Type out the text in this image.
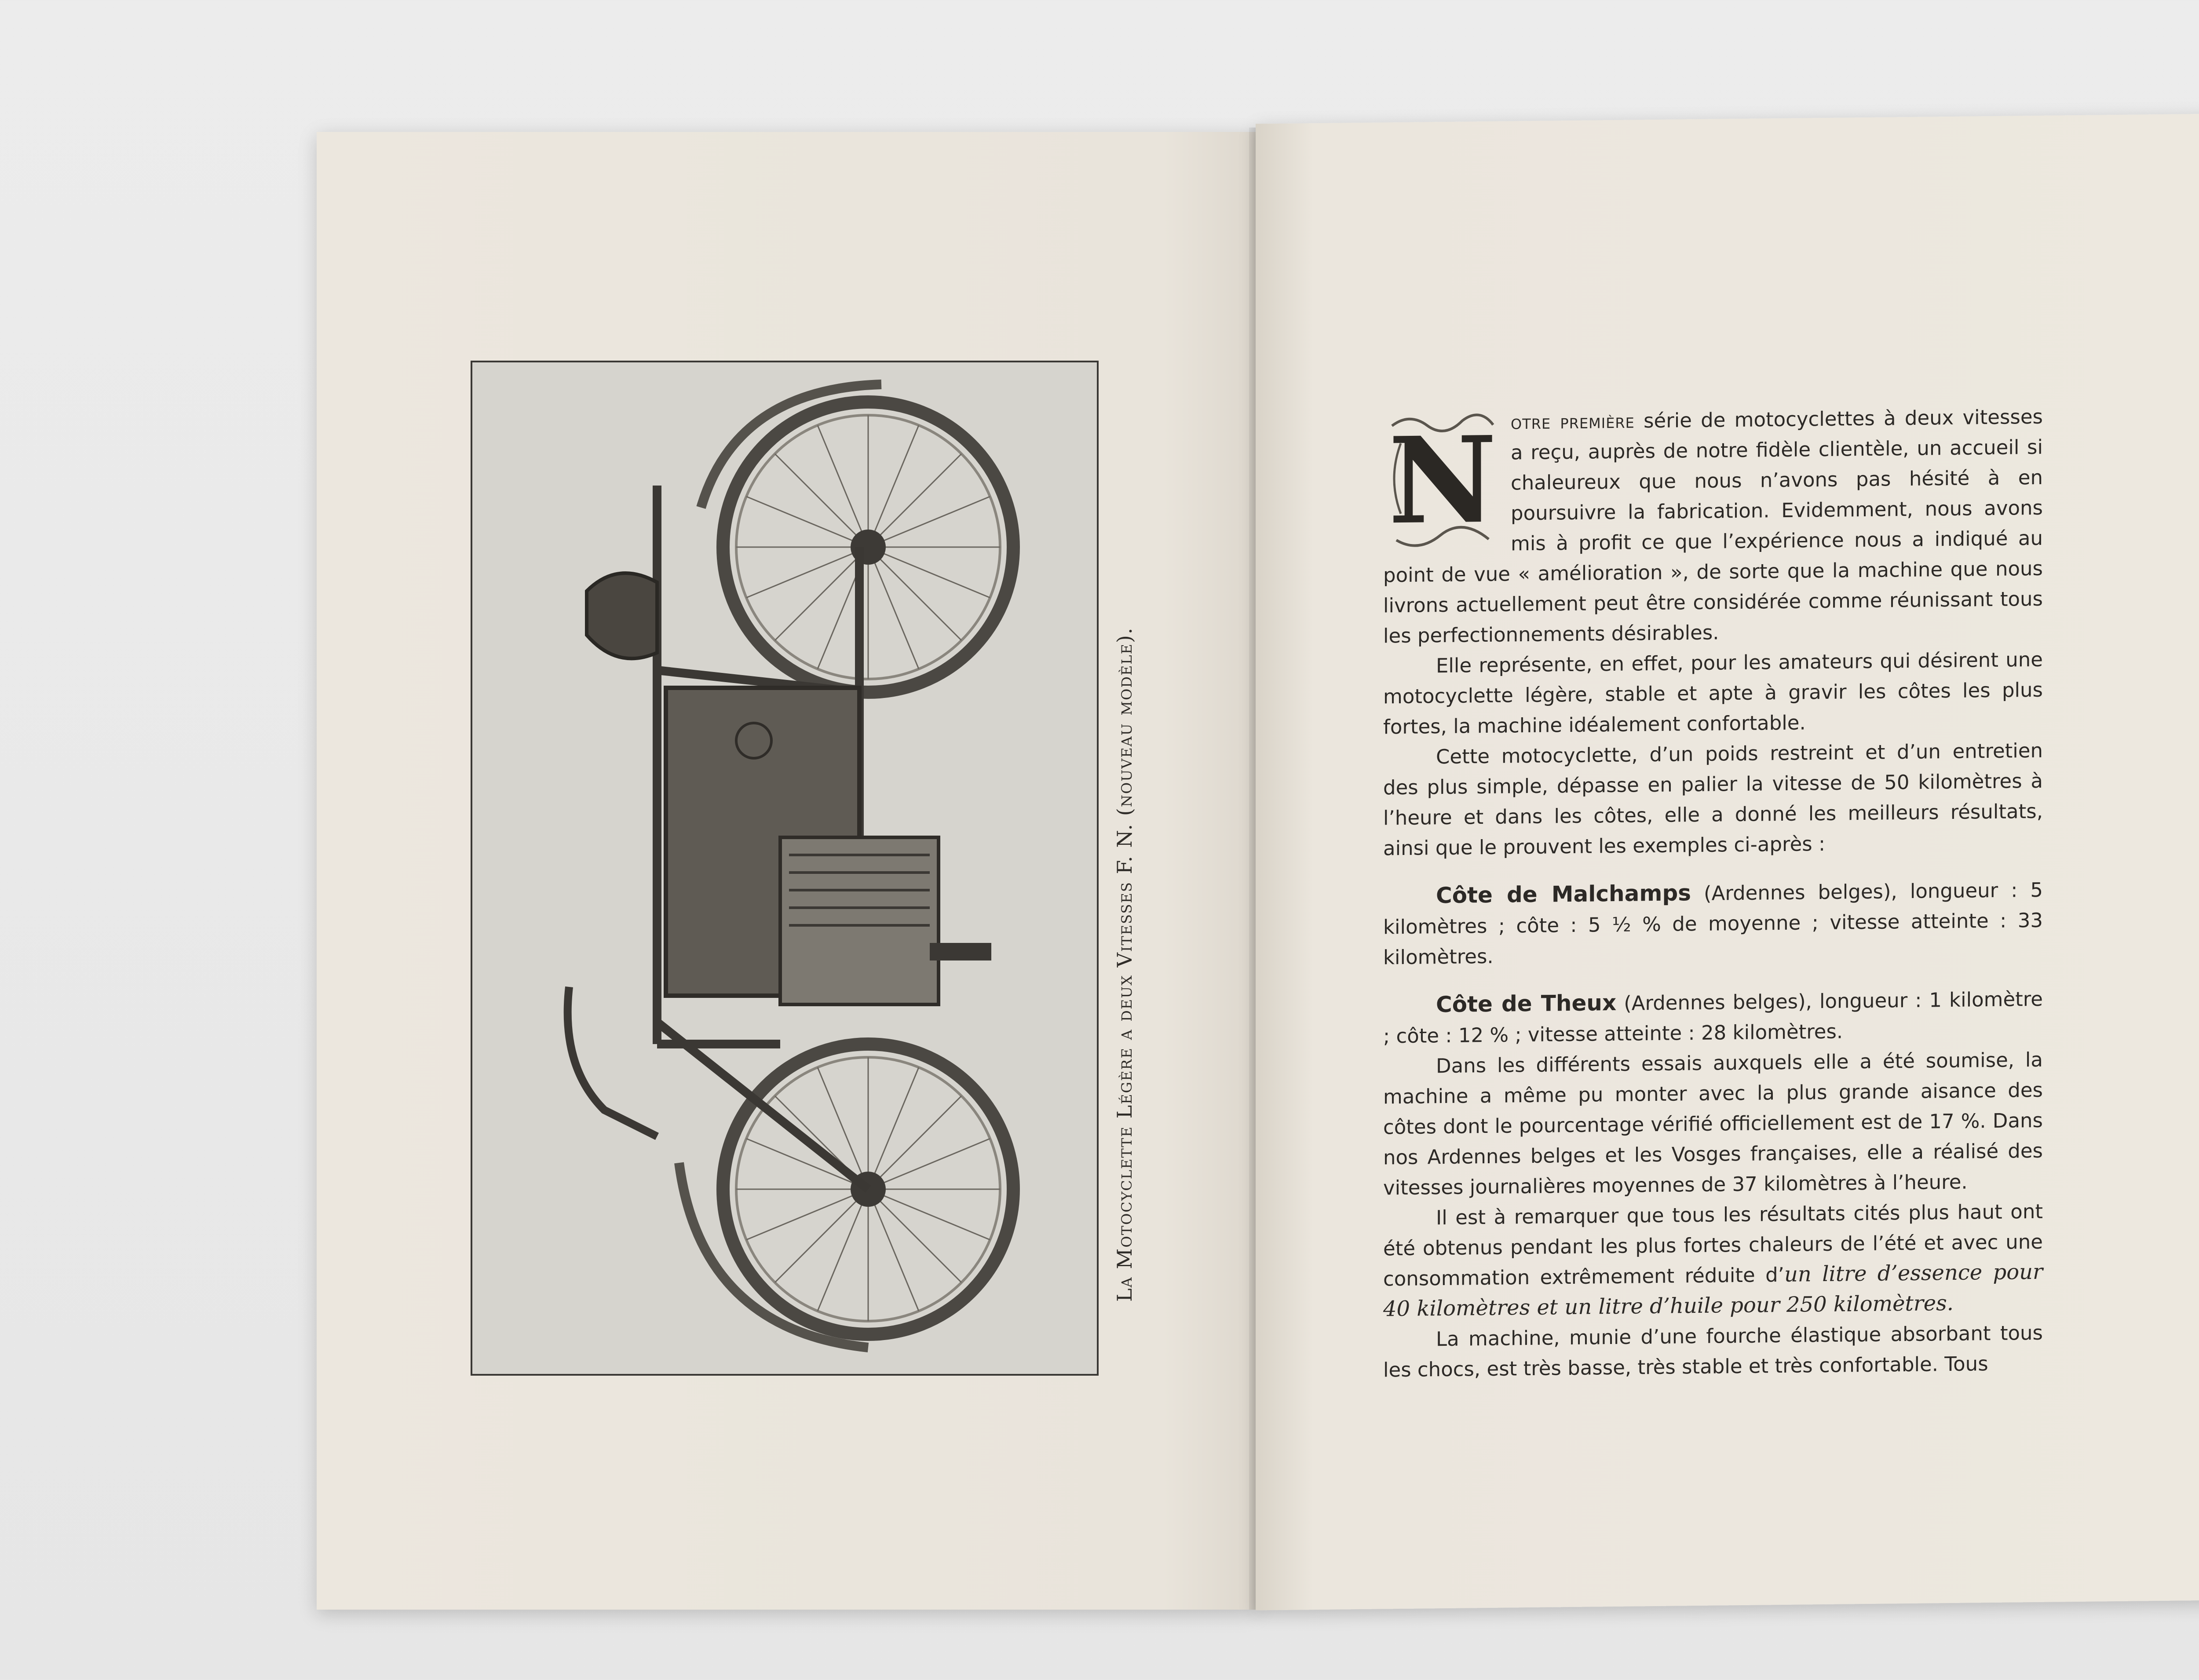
La Motocyclette Légère a deux Vitesses F. N. (nouveau modèle).
N otre première série de motocyclettes à deux vitesses a reçu, auprès de notre fidèle clientèle, un accueil si chaleureux que nous n’avons pas hésité à en poursuivre la fabrication. Evidemment, nous avons mis à profit ce que l’expérience nous a indiqué au point de vue « amélioration », de sorte que la machine que nous livrons actuellement peut être considérée comme réunissant tous les perfectionnements désirables.

Elle représente, en effet, pour les amateurs qui désirent une motocyclette légère, stable et apte à gravir les côtes les plus fortes, la machine idéalement confortable.

Cette motocyclette, d’un poids restreint et d’un entretien des plus simple, dépasse en palier la vitesse de 50 kilomètres à l’heure et dans les côtes, elle a donné les meilleurs résultats, ainsi que le prouvent les exemples ci-après :

Côte de Malchamps (Ardennes belges), longueur : 5 kilomètres ; côte : 5 ½ % de moyenne ; vitesse atteinte : 33 kilomètres.

Côte de Theux (Ardennes belges), longueur : 1 kilomètre ; côte : 12 % ; vitesse atteinte : 28 kilomètres.

Dans les différents essais auxquels elle a été soumise, la machine a même pu monter avec la plus grande aisance des côtes dont le pourcentage vérifié officiellement est de 17 %. Dans nos Ardennes belges et les Vosges françaises, elle a réalisé des vitesses journalières moyennes de 37 kilomètres à l’heure.

Il est à remarquer que tous les résultats cités plus haut ont été obtenus pendant les plus fortes chaleurs de l’été et avec une consommation extrêmement réduite d’un litre d’essence pour 40 kilomètres et un litre d’huile pour 250 kilomètres.

La machine, munie d’une fourche élastique absorbant tous les chocs, est très basse, très stable et très confortable. Tous
